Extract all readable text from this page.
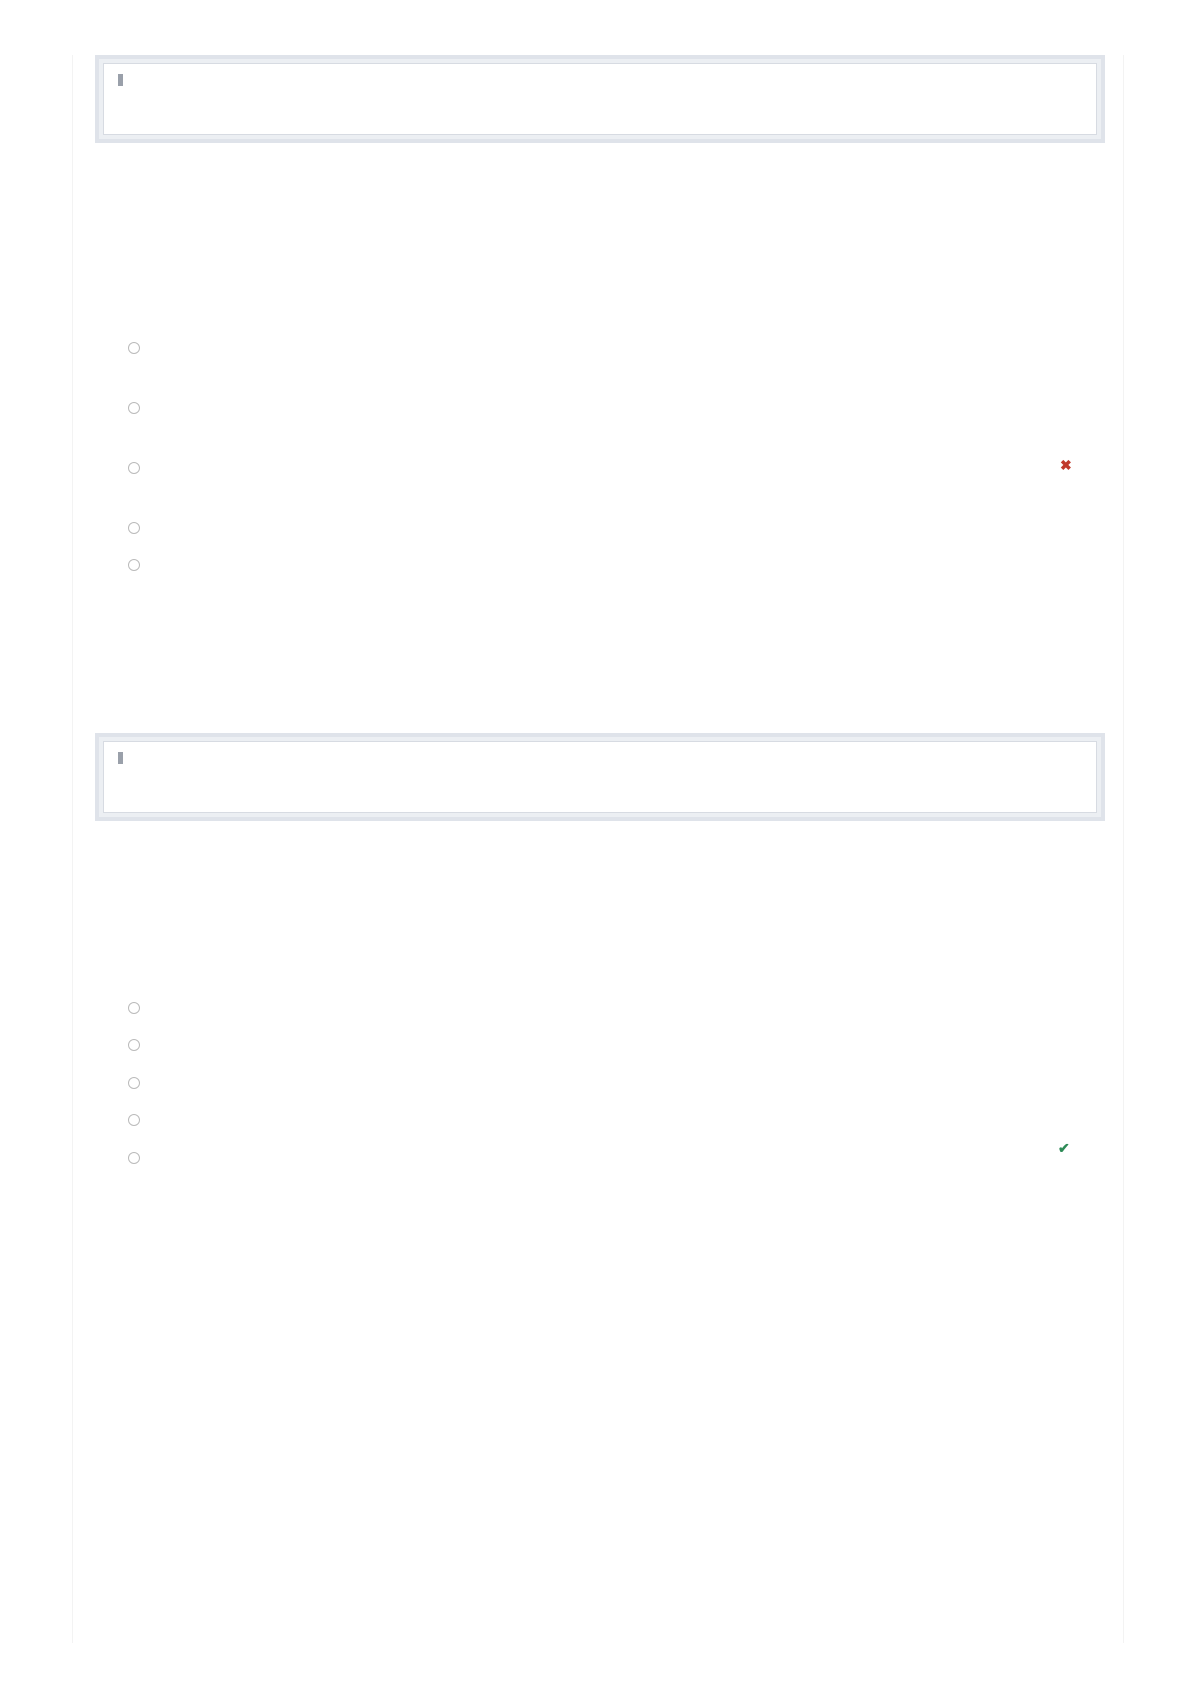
✖
✔
